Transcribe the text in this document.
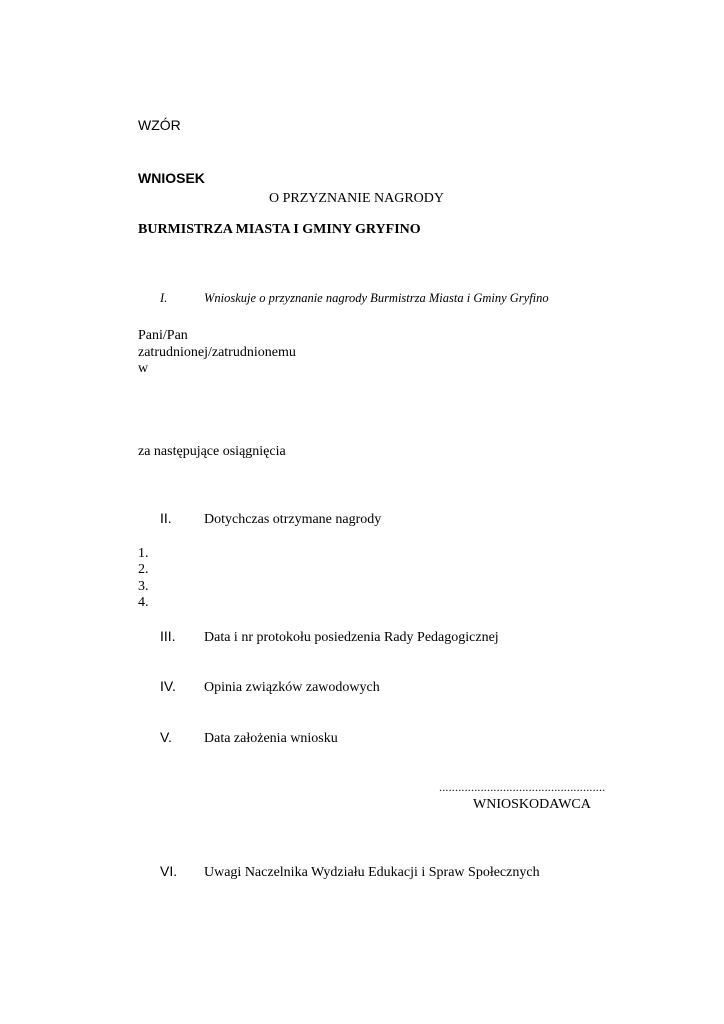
WZÓR
WNIOSEK
O PRZYZNANIE NAGRODY
BURMISTRZA MIASTA I GMINY GRYFINO
I.	Wnioskuje o przyznanie nagrody Burmistrza Miasta i Gminy Gryfino
Pani/Pan
zatrudnionej/zatrudnionemu
w
za następujące osiągnięcia
II. Dotychczas otrzymane nagrody
1.
2.
3.
4.
III. Data i nr protokołu posiedzenia Rady Pedagogicznej
IV. Opinia związków zawodowych
V. Data założenia wniosku
....................................................
WNIOSKODAWCA
VI. Uwagi Naczelnika Wydziału Edukacji i Spraw Społecznych
